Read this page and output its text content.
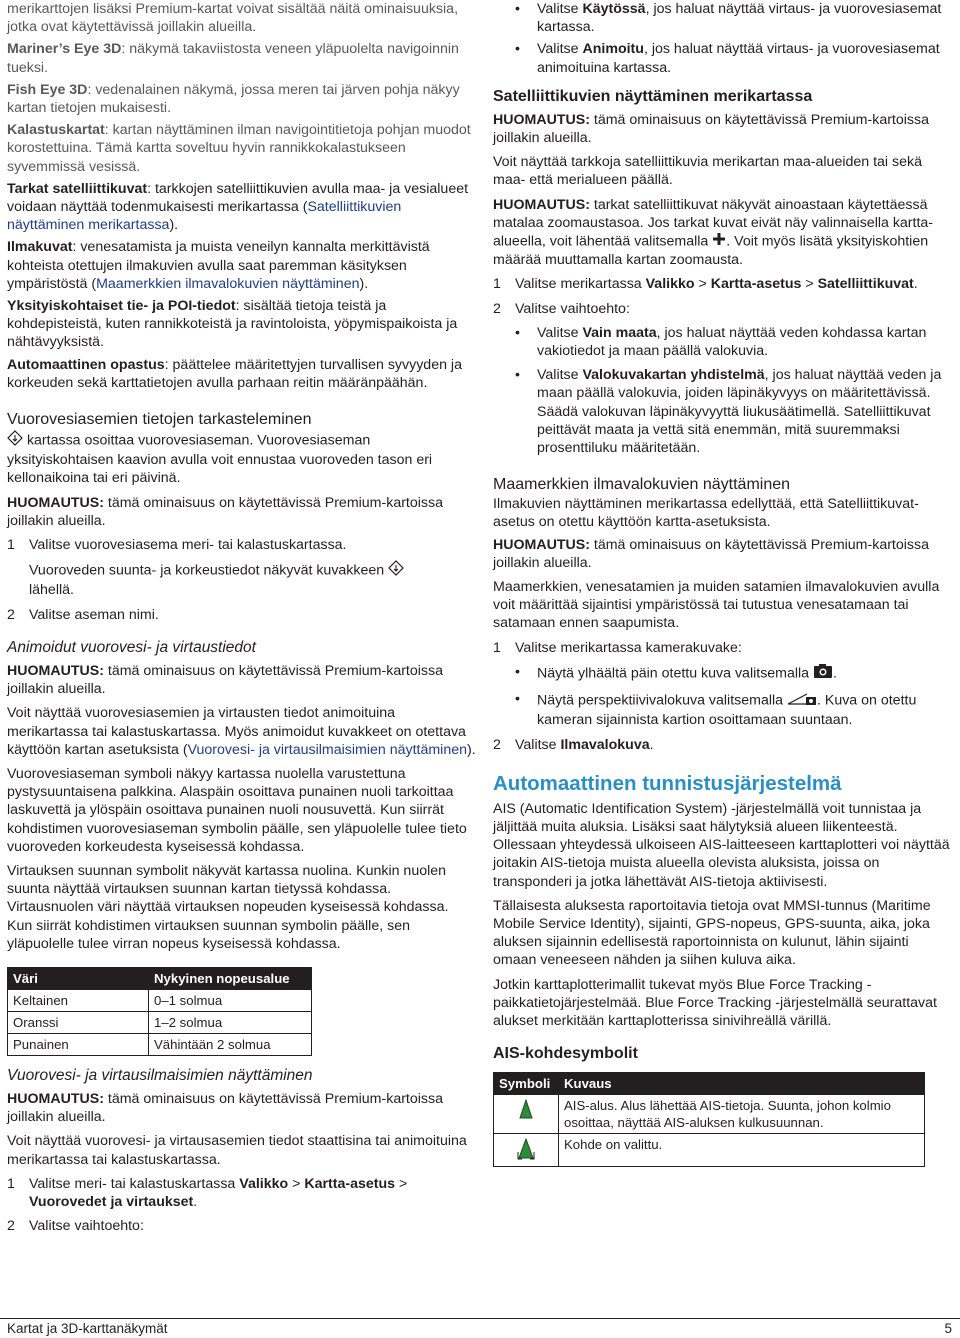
merikarttojen lisäksi Premium-kartat voivat sisältää näitä ominaisuuksia, jotka ovat käytettävissä joillakin alueilla.

Mariner’s Eye 3D: näkymä takaviistosta veneen yläpuolelta navigoinnin tueksi.

Fish Eye 3D: vedenalainen näkymä, jossa meren tai järven pohja näkyy kartan tietojen mukaisesti.

Kalastuskartat: kartan näyttäminen ilman navigointitietoja pohjan muodot korostettuina. Tämä kartta soveltuu hyvin rannikkokalastukseen syvemmissä vesissä.

Tarkat satelliittikuvat: tarkkojen satelliittikuvien avulla maa- ja vesialueet voidaan näyttää todenmukaisesti merikartassa (Satelliittikuvien näyttäminen merikartassa).

Ilmakuvat: venesatamista ja muista veneilyn kannalta merkittävistä kohteista otettujen ilmakuvien avulla saat paremman käsityksen ympäristöstä (Maamerkkien ilmavalokuvien näyttäminen).

Yksityiskohtaiset tie- ja POI-tiedot: sisältää tietoja teistä ja kohdepisteistä, kuten rannikkoteistä ja ravintoloista, yöpymispaikoista ja nähtävyyksistä.

Automaattinen opastus: päättelee määritettyjen turvallisen syvyyden ja korkeuden sekä karttatietojen avulla parhaan reitin määränpäähän.

Vuorovesiasemien tietojen tarkasteleminen

kartassa osoittaa vuorovesiaseman. Vuorovesiaseman yksityiskohtaisen kaavion avulla voit ennustaa vuoroveden tason eri kellonaikoina tai eri päivinä.

HUOMAUTUS: tämä ominaisuus on käytettävissä Premium-kartoissa joillakin alueilla.

1 Valitse vuorovesiasema meri- tai kalastuskartassa.

Vuoroveden suunta- ja korkeustiedot näkyvät kuvakkeen
lähellä.

2 Valitse aseman nimi.

Animoidut vuorovesi- ja virtaustiedot

HUOMAUTUS: tämä ominaisuus on käytettävissä Premium-kartoissa joillakin alueilla.

Voit näyttää vuorovesiasemien ja virtausten tiedot animoituina merikartassa tai kalastuskartassa. Myös animoidut kuvakkeet on otettava käyttöön kartan asetuksista (Vuorovesi- ja virtausilmaisimien näyttäminen).

Vuorovesiaseman symboli näkyy kartassa nuolella varustettuna pystysuuntaisena palkkina. Alaspäin osoittava punainen nuoli tarkoittaa laskuvettä ja ylöspäin osoittava punainen nuoli nousuvettä. Kun siirrät kohdistimen vuorovesiaseman symbolin päälle, sen yläpuolelle tulee tieto vuoroveden korkeudesta kyseisessä kohdassa.

Virtauksen suunnan symbolit näkyvät kartassa nuolina. Kunkin nuolen suunta näyttää virtauksen suunnan kartan tietyssä kohdassa. Virtausnuolen väri näyttää virtauksen nopeuden kyseisessä kohdassa. Kun siirrät kohdistimen virtauksen suunnan symbolin päälle, sen yläpuolelle tulee virran nopeus kyseisessä kohdassa.

Väri	Nykyinen nopeusalue
Keltainen	0–1 solmua
Oranssi	1–2 solmua
Punainen	Vähintään 2 solmua
Vuorovesi- ja virtausilmaisimien näyttäminen

HUOMAUTUS: tämä ominaisuus on käytettävissä Premium-kartoissa joillakin alueilla.

Voit näyttää vuorovesi- ja virtausasemien tiedot staattisina tai animoituina merikartassa tai kalastuskartassa.

1 Valitse meri- tai kalastuskartassa Valikko > Kartta-asetus > Vuorovedet ja virtaukset.

2 Valitse vaihtoehto:

• Valitse Käytössä, jos haluat näyttää virtaus- ja vuorovesiasemat kartassa.

• Valitse Animoitu, jos haluat näyttää virtaus- ja vuorovesiasemat animoituina kartassa.

Satelliittikuvien näyttäminen merikartassa

HUOMAUTUS: tämä ominaisuus on käytettävissä Premium-kartoissa joillakin alueilla.

Voit näyttää tarkkoja satelliittikuvia merikartan maa-alueiden tai sekä maa- että merialueen päällä.

HUOMAUTUS: tarkat satelliittikuvat näkyvät ainoastaan käytettäessä matalaa zoomaustasoa. Jos tarkat kuvat eivät näy valinnaisella kartta-alueella, voit lähentää valitsemalla . Voit myös lisätä yksityiskohtien määrää muuttamalla kartan zoomausta.

1 Valitse merikartassa Valikko > Kartta-asetus > Satelliittikuvat.

2 Valitse vaihtoehto:

• Valitse Vain maata, jos haluat näyttää veden kohdassa kartan vakiotiedot ja maan päällä valokuvia.

• Valitse Valokuvakartan yhdistelmä, jos haluat näyttää veden ja maan päällä valokuvia, joiden läpinäkyvyys on määritettävissä. Säädä valokuvan läpinäkyvyyttä liukusäätimellä. Satelliittikuvat peittävät maata ja vettä sitä enemmän, mitä suuremmaksi prosenttiluku määritetään.

Maamerkkien ilmavalokuvien näyttäminen

Ilmakuvien näyttäminen merikartassa edellyttää, että Satelliittikuvat-asetus on otettu käyttöön kartta-asetuksista.

HUOMAUTUS: tämä ominaisuus on käytettävissä Premium-kartoissa joillakin alueilla.

Maamerkkien, venesatamien ja muiden satamien ilmavalokuvien avulla voit määrittää sijaintisi ympäristössä tai tutustua venesatamaan tai satamaan ennen saapumista.

1 Valitse merikartassa kamerakuvake:

• Näytä ylhäältä päin otettu kuva valitsemalla .

• Näytä perspektiivivalokuva valitsemalla . Kuva on otettu kameran sijainnista kartion osoittamaan suuntaan.

2 Valitse Ilmavalokuva.

Automaattinen tunnistusjärjestelmä

AIS (Automatic Identification System) -järjestelmällä voit tunnistaa ja jäljittää muita aluksia. Lisäksi saat hälytyksiä alueen liikenteestä. Ollessaan yhteydessä ulkoiseen AIS-laitteeseen karttaplotteri voi näyttää joitakin AIS-tietoja muista alueella olevista aluksista, joissa on transponderi ja jotka lähettävät AIS-tietoja aktiivisesti.

Tällaisesta aluksesta raportoitavia tietoja ovat MMSI-tunnus (Maritime Mobile Service Identity), sijainti, GPS-nopeus, GPS-suunta, aika, joka aluksen sijainnin edellisestä raportoinnista on kulunut, lähin sijainti omaan veneeseen nähden ja siihen kuluva aika.

Jotkin karttaplotterimallit tukevat myös Blue Force Tracking -paikkatietojärjestelmää. Blue Force Tracking -järjestelmällä seurattavat alukset merkitään karttaplotterissa sinivihreällä värillä.

AIS-kohdesymbolit
Symboli	Kuvaus
	AIS-alus. Alus lähettää AIS-tietoja. Suunta, johon kolmio osoittaa, näyttää AIS-aluksen kulkusuunnan.
	Kohde on valittu.
Kartat ja 3D-karttanäkymät	5
